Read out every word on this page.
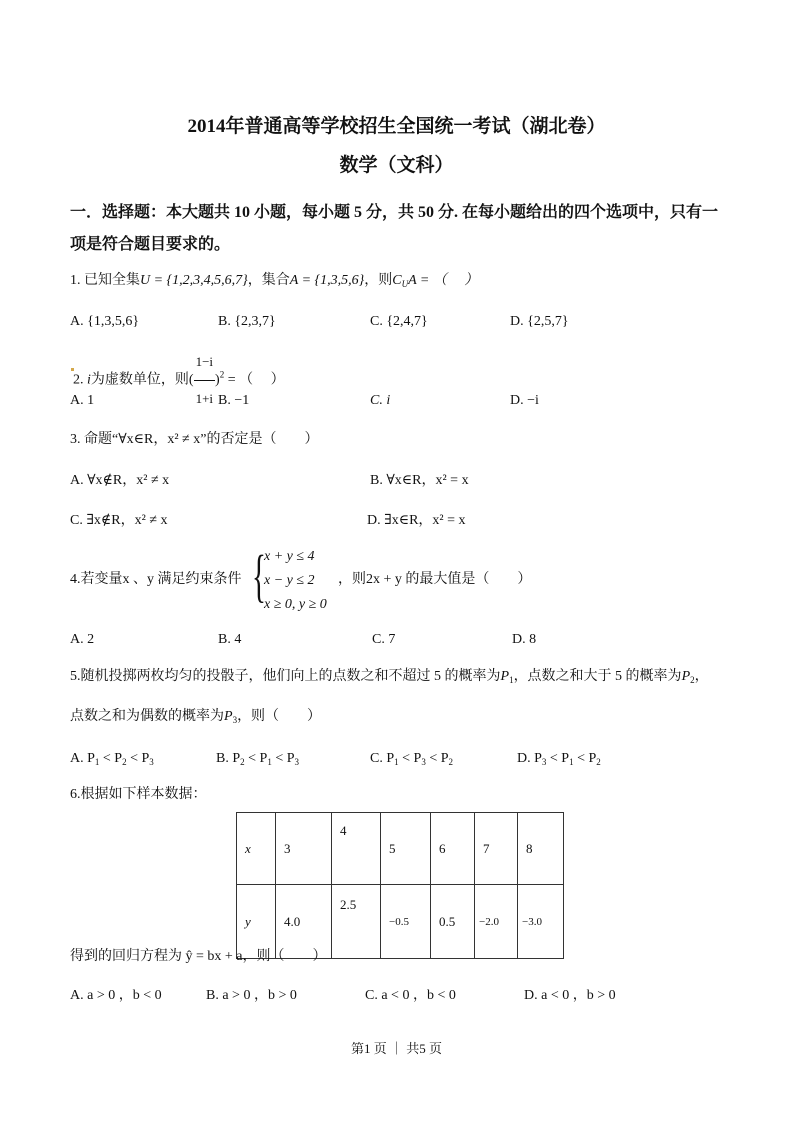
2014年普通高等学校招生全国统一考试（湖北卷）
数学（文科）
一．选择题：本大题共 10 小题，每小题 5 分，共 50 分. 在每小题给出的四个选项中，只有一
项是符合题目要求的。
1. 已知全集U = {1,2,3,4,5,6,7}，集合A = {1,3,5,6}，则$C_UA$ = （　 ）
A. {1,3,5,6}	B. {2,3,7}	C. {2,4,7}	D. {2,5,7}
2. i为虚数单位，则( $\frac{1-i}{1+i} )^2$ = （　 ）
A. 1	B. −1	C. i	D. −i
3. 命题“∀x∈R，x² ≠ x”的否定是（　　）
A. ∀x∉R，x² ≠ x	B. ∀x∈R，x² = x
C. ∃x∉R，x² ≠ x	D. ∃x∈R，x² = x
4.若变量x 、y 满足约束条件 {
x + y ≤ 4
x − y ≤ 2
x ≥ 0, y ≥ 0
，则2x + y 的最大值是（　　）
A. 2	B. 4	C. 7	D. 8
5.随机投掷两枚均匀的投骰子，他们向上的点数之和不超过 5 的概率为$P_1$，点数之和大于 5 的概率为$P_2$，
点数之和为偶数的概率为$P_3$，则（　　）
A. $P_1 < P_2 < P_3$	B. $P_2 < P_1 < P_3$	C. $P_1 < P_3 < P_2$	D. $P_3 < P_1 < P_2$
6.根据如下样本数据：
x	3	4	5	6	7	8
y	4.0	2.5	−0.5	0.5	−2.0	−3.0
得到的回归方程为 ŷ = bx + a，则（　　）
A. a > 0 ，b < 0	B. a > 0 ，b > 0	C. a < 0 ，b < 0	D. a < 0 ，b > 0
第1 页 ｜ 共5 页
